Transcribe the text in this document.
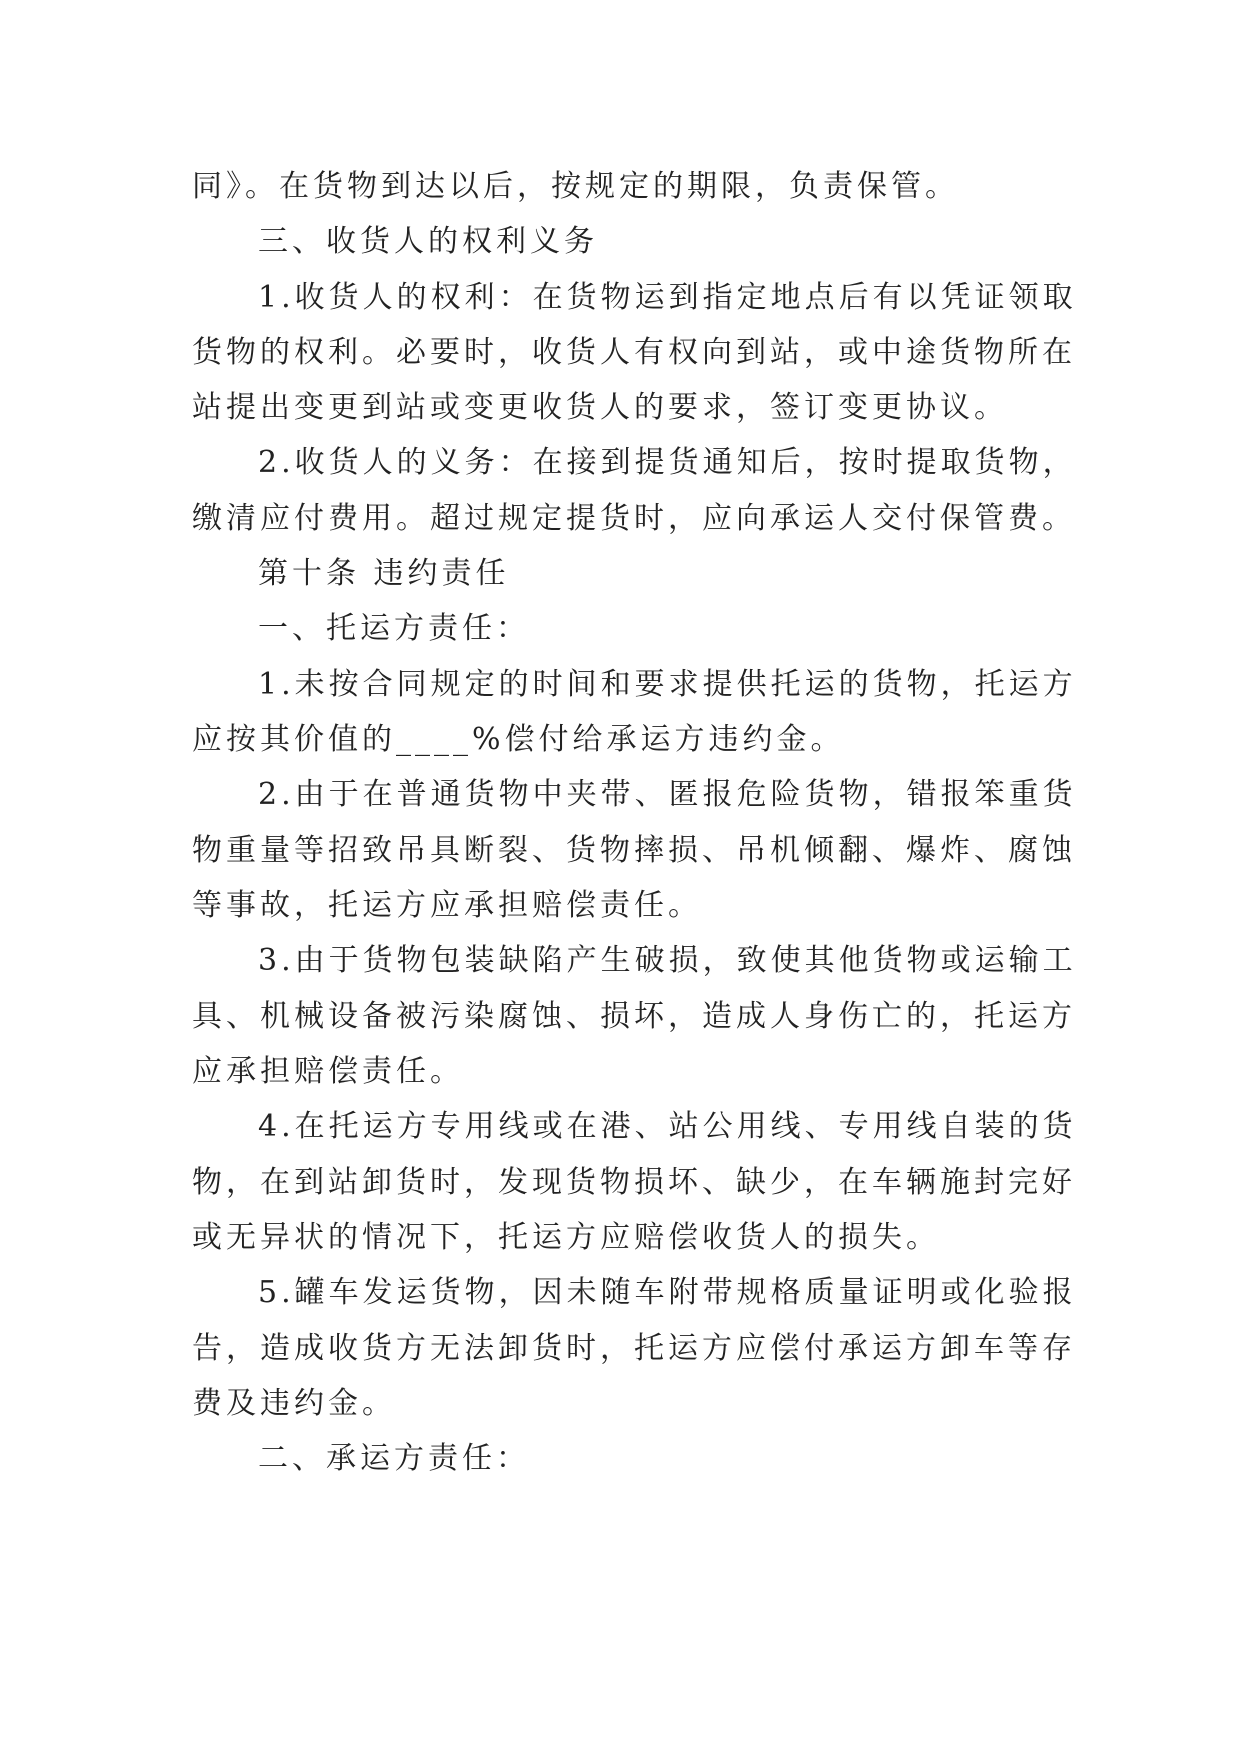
同》。在货物到达以后，按规定的期限，负责保管。
三、收货人的权利义务
1.收货人的权利：在货物运到指定地点后有以凭证领取
货物的权利。必要时，收货人有权向到站，或中途货物所在
站提出变更到站或变更收货人的要求，签订变更协议。
2.收货人的义务：在接到提货通知后，按时提取货物，
缴清应付费用。超过规定提货时，应向承运人交付保管费。
第十条 违约责任
一、托运方责任：
1.未按合同规定的时间和要求提供托运的货物，托运方
应按其价值的____%偿付给承运方违约金。
2.由于在普通货物中夹带、匿报危险货物，错报笨重货
物重量等招致吊具断裂、货物摔损、吊机倾翻、爆炸、腐蚀
等事故，托运方应承担赔偿责任。
3.由于货物包装缺陷产生破损，致使其他货物或运输工
具、机械设备被污染腐蚀、损坏，造成人身伤亡的，托运方
应承担赔偿责任。
4.在托运方专用线或在港、站公用线、专用线自装的货
物，在到站卸货时，发现货物损坏、缺少，在车辆施封完好
或无异状的情况下，托运方应赔偿收货人的损失。
5.罐车发运货物，因未随车附带规格质量证明或化验报
告，造成收货方无法卸货时，托运方应偿付承运方卸车等存
费及违约金。
二、承运方责任：
